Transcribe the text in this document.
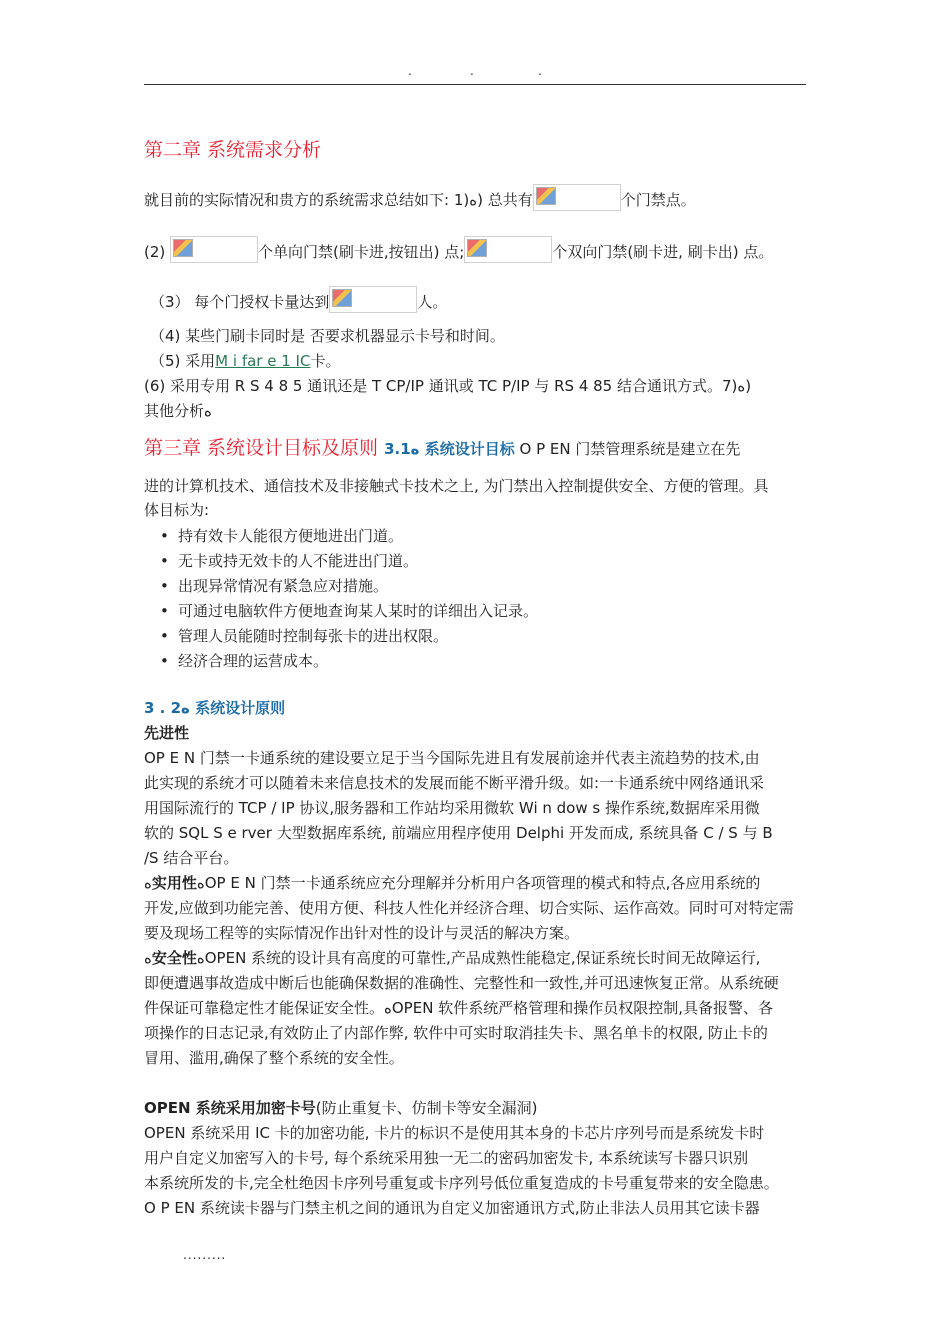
.	.	.
第二章 系统需求分析
就目前的实际情况和贵方的系统需求总结如下: 1)ﻩ) 总共有	个门禁点。
(2)	个单向门禁(刷卡进,按钮出) 点;	个双向门禁(刷卡进, 刷卡出) 点。
（3） 每个门授权卡量达到	人。
（4) 某些门刷卡同时是 否要求机器显示卡号和时间。
（5) 采用M i far e 1 IC卡。
(6) 采用专用 R S 4 8 5 通讯还是 T CP/IP 通讯或 TC P/IP 与 RS 4 85 结合通讯方式。7)ﻩ)
其他分析ﻩ
第三章 系统设计目标及原则 3.1ﻩ 系统设计目标 O P EN 门禁管理系统是建立在先
进的计算机技术、通信技术及非接触式卡技术之上, 为门禁出入控制提供安全、方便的管理。具
体目标为:
• 持有效卡人能很方便地进出门道。
• 无卡或持无效卡的人不能进出门道。
• 出现异常情况有紧急应对措施。
• 可通过电脑软件方便地查询某人某时的详细出入记录。
• 管理人员能随时控制每张卡的进出权限。
• 经济合理的运营成本。
3 . 2ﻩ 系统设计原则
先进性
OP E N 门禁一卡通系统的建设要立足于当今国际先进且有发展前途并代表主流趋势的技术,由
此实现的系统才可以随着未来信息技术的发展而能不断平滑升级。如:一卡通系统中网络通讯采
用国际流行的 TCP / IP 协议,服务器和工作站均采用微软 Wi n dow s 操作系统,数据库采用微
软的 SQL S e rver 大型数据库系统, 前端应用程序使用 Delphi 开发而成, 系统具备 C / S 与 B
/S 结合平台。
ﻩ实用性ﻩOP E N 门禁一卡通系统应充分理解并分析用户各项管理的模式和特点,各应用系统的
开发,应做到功能完善、使用方便、科技人性化并经济合理、切合实际、运作高效。同时可对特定需
要及现场工程等的实际情况作出针对性的设计与灵活的解决方案。
ﻩ安全性ﻩOPEN 系统的设计具有高度的可靠性,产品成熟性能稳定,保证系统长时间无故障运行,
即便遭遇事故造成中断后也能确保数据的准确性、完整性和一致性,并可迅速恢复正常。从系统硬
件保证可靠稳定性才能保证安全性。ﻩOPEN 软件系统严格管理和操作员权限控制,具备报警、各
项操作的日志记录,有效防止了内部作弊, 软件中可实时取消挂失卡、黑名单卡的权限, 防止卡的
冒用、滥用,确保了整个系统的安全性。
OPEN 系统采用加密卡号(防止重复卡、仿制卡等安全漏洞)
OPEN 系统采用 IC 卡的加密功能, 卡片的标识不是使用其本身的卡芯片序列号而是系统发卡时
用户自定义加密写入的卡号, 每个系统采用独一无二的密码加密发卡, 本系统读写卡器只识别
本系统所发的卡,完全杜绝因卡序列号重复或卡序列号低位重复造成的卡号重复带来的安全隐患。
O P EN 系统读卡器与门禁主机之间的通讯为自定义加密通讯方式,防止非法人员用其它读卡器
.........
